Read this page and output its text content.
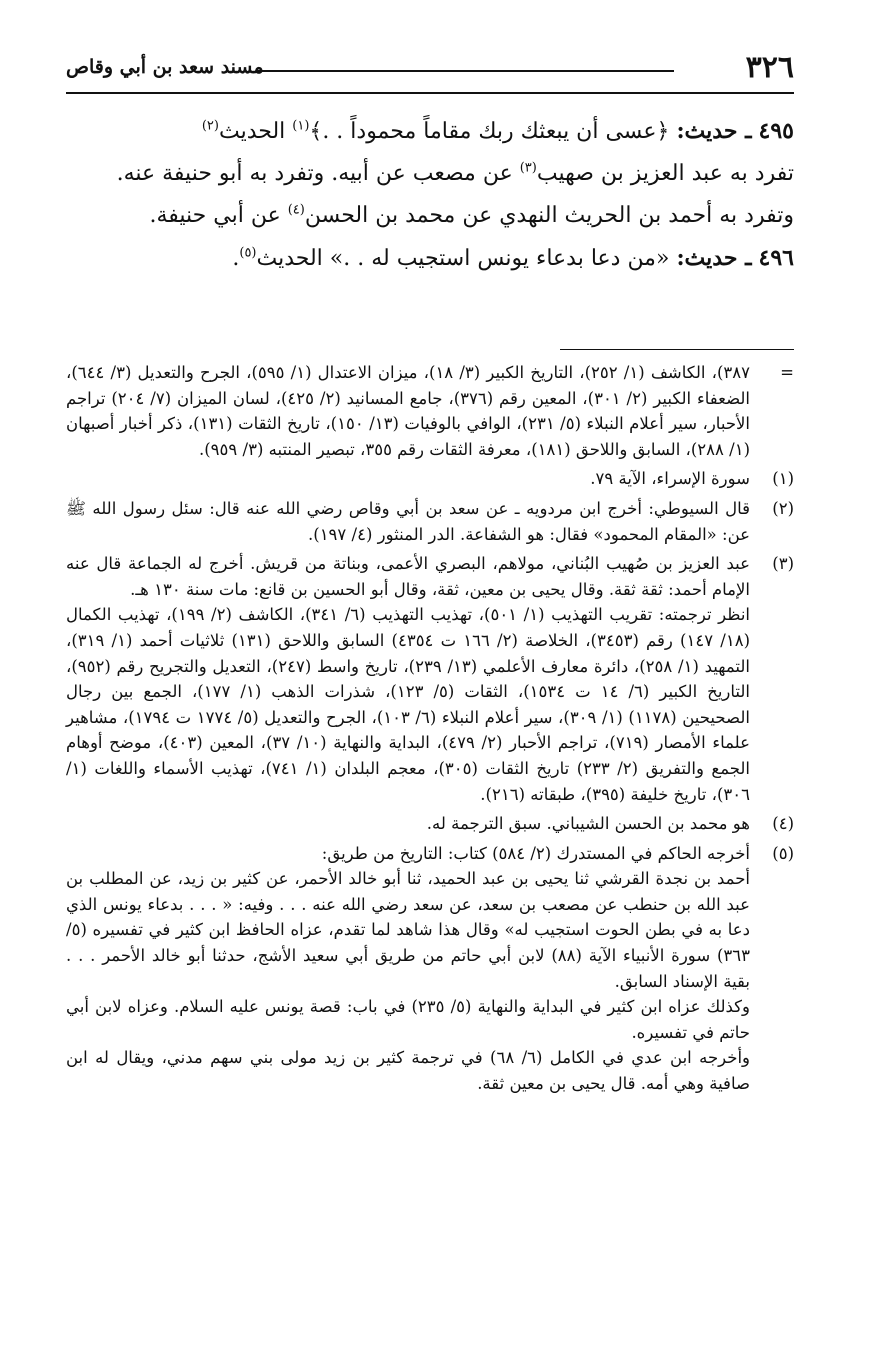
٣٢٦
مسند سعد بن أبي وقاص

٤٩٥ ـ حديث: ﴿عسى أن يبعثك ربك مقاماً محموداً . .﴾$^{(١)}$ الحديث$^{(٢)}$

تفرد به عبد العزيز بن صهيب$^{(٣)}$ عن مصعب عن أبيه. وتفرد به أبو حنيفة عنه.

وتفرد به أحمد بن الحريث النهدي عن محمد بن الحسن$^{(٤)}$ عن أبي حنيفة.

٤٩٦ ـ حديث: «من دعا بدعاء يونس استجيب له . .» الحديث$^{(٥)}$.

=

٣٨٧)، الكاشف (١/ ٢٥٢)، التاريخ الكبير (٣/ ١٨)، ميزان الاعتدال (١/ ٥٩٥)، الجرح والتعديل (٣/ ٦٤٤)، الضعفاء الكبير (٢/ ٣٠١)، المعين رقم (٣٧٦)، جامع المسانيد (٢/ ٤٢٥)، لسان الميزان (٧/ ٢٠٤) تراجم الأحبار، سير أعلام النبلاء (٥/ ٢٣١)، الوافي بالوفيات (١٣/ ١٥٠)، تاريخ الثقات (١٣١)، ذكر أخبار أصبهان (١/ ٢٨٨)، السابق واللاحق (١٨١)، معرفة الثقات رقم ٣٥٥، تبصير المنتبه (٣/ ٩٥٩).

(١)

سورة الإسراء، الآية ٧٩.

(٢)

قال السيوطي: أخرج ابن مردويه ـ عن سعد بن أبي وقاص رضي الله عنه قال: سئل رسول الله ﷺ عن: «المقام المحمود» فقال: هو الشفاعة. الدر المنثور (٤/ ١٩٧).

(٣)

عبد العزيز بن صُهيب البُناني، مولاهم، البصري الأعمى، وبناتة من قريش. أخرج له الجماعة قال عنه الإمام أحمد: ثقة ثقة. وقال يحيى بن معين، ثقة، وقال أبو الحسين بن قانع: مات سنة ١٣٠ هـ.

انظر ترجمته: تقريب التهذيب (١/ ٥٠١)، تهذيب التهذيب (٦/ ٣٤١)، الكاشف (٢/ ١٩٩)، تهذيب الكمال (١٨/ ١٤٧) رقم (٣٤٥٣)، الخلاصة (٢/ ١٦٦ ت ٤٣٥٤) السابق واللاحق (١٣١) ثلاثيات أحمد (١/ ٣١٩)، التمهيد (١/ ٢٥٨)، دائرة معارف الأعلمي (١٣/ ٢٣٩)، تاريخ واسط (٢٤٧)، التعديل والتجريح رقم (٩٥٢)، التاريخ الكبير (٦/ ١٤ ت ١٥٣٤)، الثقات (٥/ ١٢٣)، شذرات الذهب (١/ ١٧٧)، الجمع بين رجال الصحيحين (١١٧٨) (١/ ٣٠٩)، سير أعلام النبلاء (٦/ ١٠٣)، الجرح والتعديل (٥/ ١٧٧٤ ت ١٧٩٤)، مشاهير علماء الأمصار (٧١٩)، تراجم الأحبار (٢/ ٤٧٩)، البداية والنهاية (١٠/ ٣٧)، المعين (٤٠٣)، موضح أوهام الجمع والتفريق (٢/ ٢٣٣) تاريخ الثقات (٣٠٥)، معجم البلدان (١/ ٧٤١)، تهذيب الأسماء واللغات (١/ ٣٠٦)، تاريخ خليفة (٣٩٥)، طبقاته (٢١٦).

(٤)

هو محمد بن الحسن الشيباني. سبق الترجمة له.

(٥)

أخرجه الحاكم في المستدرك (٢/ ٥٨٤) كتاب: التاريخ من طريق:

أحمد بن نجدة القرشي ثنا يحيى بن عبد الحميد، ثنا أبو خالد الأحمر، عن كثير بن زيد، عن المطلب بن عبد الله بن حنطب عن مصعب بن سعد، عن سعد رضي الله عنه . . . وفيه: « . . . بدعاء يونس الذي دعا به في بطن الحوت استجيب له» وقال هذا شاهد لما تقدم، عزاه الحافظ ابن كثير في تفسيره (٥/ ٣٦٣) سورة الأنبياء الآية (٨٨) لابن أبي حاتم من طريق أبي سعيد الأشج، حدثنا أبو خالد الأحمر . . . بقية الإسناد السابق.

وكذلك عزاه ابن كثير في البداية والنهاية (٥/ ٢٣٥) في باب: قصة يونس عليه السلام. وعزاه لابن أبي حاتم في تفسيره.

وأخرجه ابن عدي في الكامل (٦/ ٦٨) في ترجمة كثير بن زيد مولى بني سهم مدني، ويقال له ابن صافية وهي أمه. قال يحيى بن معين ثقة.
